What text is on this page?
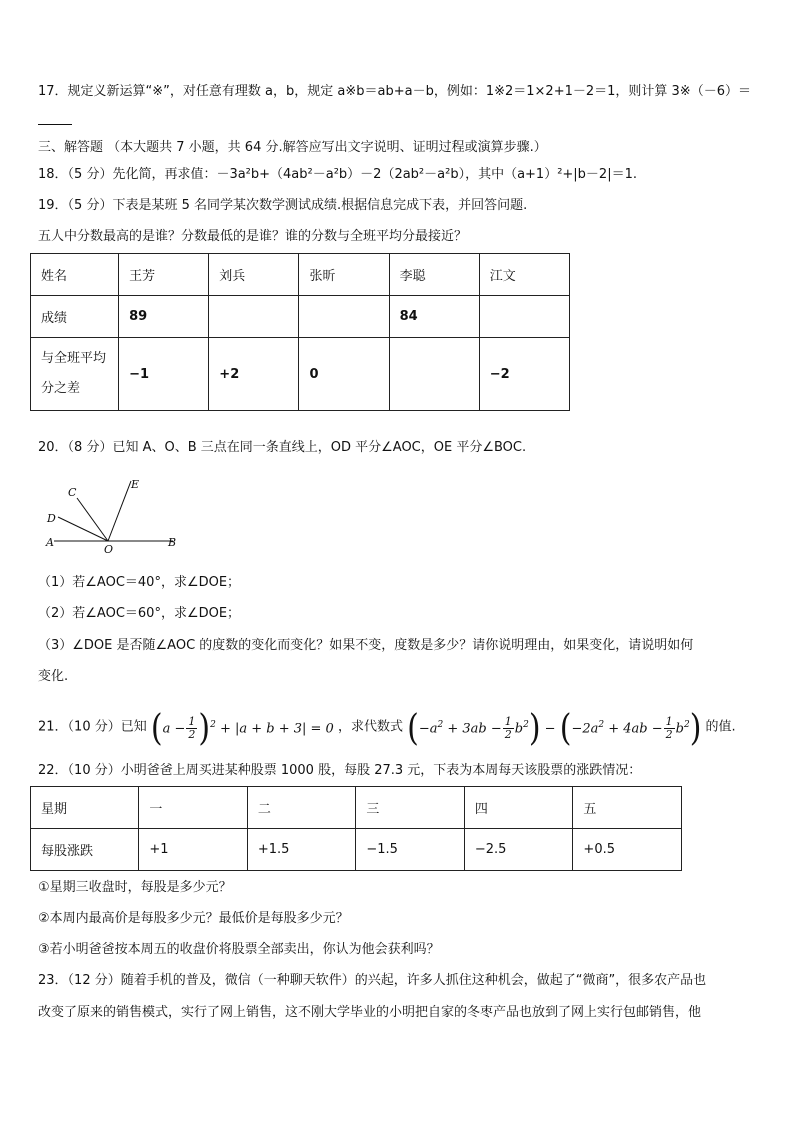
17．规定义新运算“※”，对任意有理数 a，b，规定 a※b＝ab+a－b，例如：1※2＝1×2+1－2＝1，则计算 3※（－6）＝
三、解答题 （本大题共 7 小题，共 64 分.解答应写出文字说明、证明过程或演算步骤.）
18．（5 分）先化简，再求值：－3a²b+（4ab²－a²b）－2（2ab²－a²b），其中（a+1）²+|b－2|＝1.
19．（5 分）下表是某班 5 名同学某次数学测试成绩.根据信息完成下表，并回答问题.
五人中分数最高的是谁？分数最低的是谁？谁的分数与全班平均分最接近？
姓名	王芳	刘兵	张昕	李聪	江文
成绩	89			84	
与全班平均分之差	−1	+2	0		−2
20．（8 分）已知 A、O、B 三点在同一条直线上，OD 平分∠AOC，OE 平分∠BOC.
C
E
D
A
O
B
（1）若∠AOC＝40°，求∠DOE；
（2）若∠AOC＝60°，求∠DOE；
（3）∠DOE 是否随∠AOC 的度数的变化而变化？如果不变，度数是多少？请你说明理由，如果变化，请说明如何
变化.
21．（10 分）已知 $(a - \frac{1}{2} )^2 + |a + b + 3| = 0$ ，求代数式 $(-a^2 + 3ab - \frac{1}{2} b^2) - (-2a^2 + 4ab - \frac{1}{2} b^2)$ 的值.
22．（10 分）小明爸爸上周买进某种股票 1000 股，每股 27.3 元，下表为本周每天该股票的涨跌情况：
星期	一	二	三	四	五
每股涨跌	+1	+1.5	−1.5	−2.5	+0.5
①星期三收盘时，每股是多少元？
②本周内最高价是每股多少元？最低价是每股多少元？
③若小明爸爸按本周五的收盘价将股票全部卖出，你认为他会获利吗？
23．（12 分）随着手机的普及，微信（一种聊天软件）的兴起，许多人抓住这种机会，做起了“微商”，很多农产品也
改变了原来的销售模式，实行了网上销售，这不刚大学毕业的小明把自家的冬枣产品也放到了网上实行包邮销售，他
